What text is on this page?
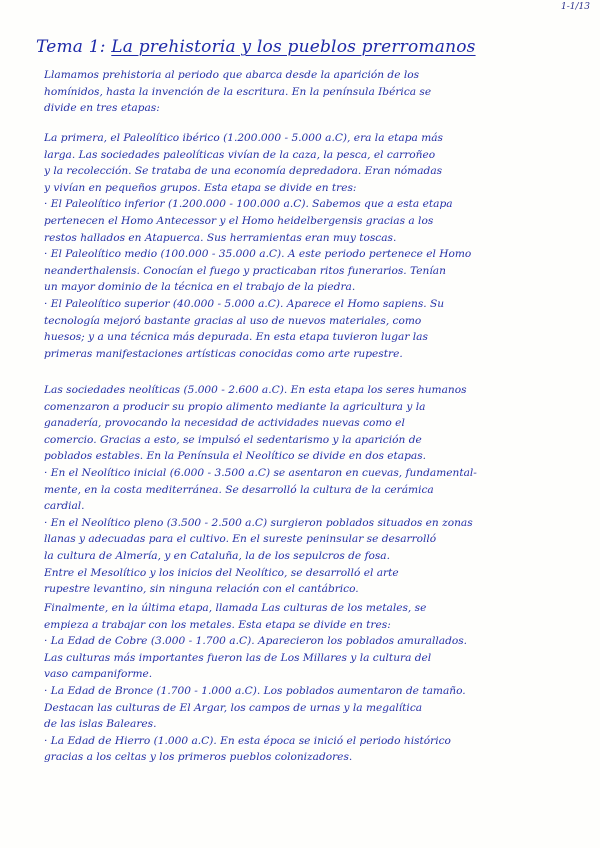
1-1/13
Tema 1: La prehistoria y los pueblos prerromanos
Llamamos prehistoria al periodo que abarca desde la aparición de los
homínidos, hasta la invención de la escritura. En la península Ibérica se
divide en tres etapas:
La primera, el Paleolítico ibérico (1.200.000 - 5.000 a.C), era la etapa más
larga. Las sociedades paleolíticas vivían de la caza, la pesca, el carroñeo
y la recolección. Se trataba de una economía depredadora. Eran nómadas
y vivían en pequeños grupos. Esta etapa se divide en tres:
· El Paleolítico inferior (1.200.000 - 100.000 a.C). Sabemos que a esta etapa
pertenecen el Homo Antecessor y el Homo heidelbergensis gracias a los
restos hallados en Atapuerca. Sus herramientas eran muy toscas.
· El Paleolítico medio (100.000 - 35.000 a.C). A este periodo pertenece el Homo
neanderthalensis. Conocían el fuego y practicaban ritos funerarios. Tenían
un mayor dominio de la técnica en el trabajo de la piedra.
· El Paleolítico superior (40.000 - 5.000 a.C). Aparece el Homo sapiens. Su
tecnología mejoró bastante gracias al uso de nuevos materiales, como
huesos; y a una técnica más depurada. En esta etapa tuvieron lugar las
primeras manifestaciones artísticas conocidas como arte rupestre.
Las sociedades neolíticas (5.000 - 2.600 a.C). En esta etapa los seres humanos
comenzaron a producir su propio alimento mediante la agricultura y la
ganadería, provocando la necesidad de actividades nuevas como el
comercio. Gracias a esto, se impulsó el sedentarismo y la aparición de
poblados estables. En la Península el Neolítico se divide en dos etapas.
· En el Neolítico inicial (6.000 - 3.500 a.C) se asentaron en cuevas, fundamental-
mente, en la costa mediterránea. Se desarrolló la cultura de la cerámica
cardial.
· En el Neolítico pleno (3.500 - 2.500 a.C) surgieron poblados situados en zonas
llanas y adecuadas para el cultivo. En el sureste peninsular se desarrolló
la cultura de Almería, y en Cataluña, la de los sepulcros de fosa.
Entre el Mesolítico y los inicios del Neolítico, se desarrolló el arte
rupestre levantino, sin ninguna relación con el cantábrico.
Finalmente, en la última etapa, llamada Las culturas de los metales, se
empieza a trabajar con los metales. Esta etapa se divide en tres:
· La Edad de Cobre (3.000 - 1.700 a.C). Aparecieron los poblados amurallados.
Las culturas más importantes fueron las de Los Millares y la cultura del
vaso campaniforme.
· La Edad de Bronce (1.700 - 1.000 a.C). Los poblados aumentaron de tamaño.
Destacan las culturas de El Argar, los campos de urnas y la megalítica
de las islas Baleares.
· La Edad de Hierro (1.000 a.C). En esta época se inició el periodo histórico
gracias a los celtas y los primeros pueblos colonizadores.
